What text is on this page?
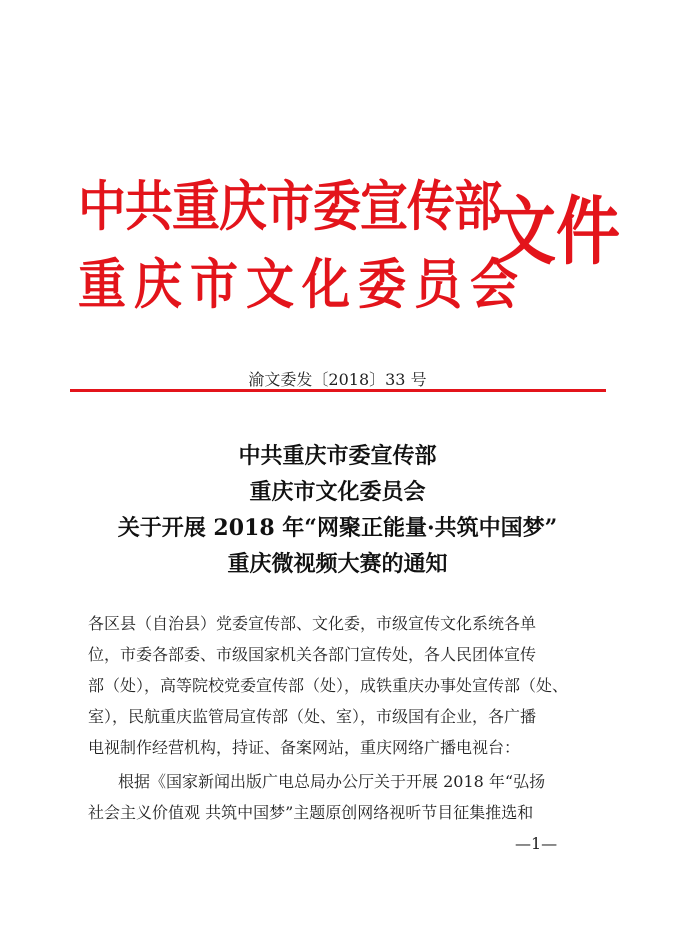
中共重庆市委宣传部
重庆市文化委员会
文件
渝文委发〔2018〕33 号
中共重庆市委宣传部
重庆市文化委员会
关于开展 2018 年“网聚正能量·共筑中国梦”
重庆微视频大赛的通知
各区县（自治县）党委宣传部、文化委，市级宣传文化系统各单
位，市委各部委、市级国家机关各部门宣传处，各人民团体宣传
部（处），高等院校党委宣传部（处），成铁重庆办事处宣传部（处、
室），民航重庆监管局宣传部（处、室），市级国有企业，各广播
电视制作经营机构，持证、备案网站，重庆网络广播电视台：
根据《国家新闻出版广电总局办公厅关于开展 2018 年“弘扬
社会主义价值观 共筑中国梦”主题原创网络视听节目征集推选和
—1—
